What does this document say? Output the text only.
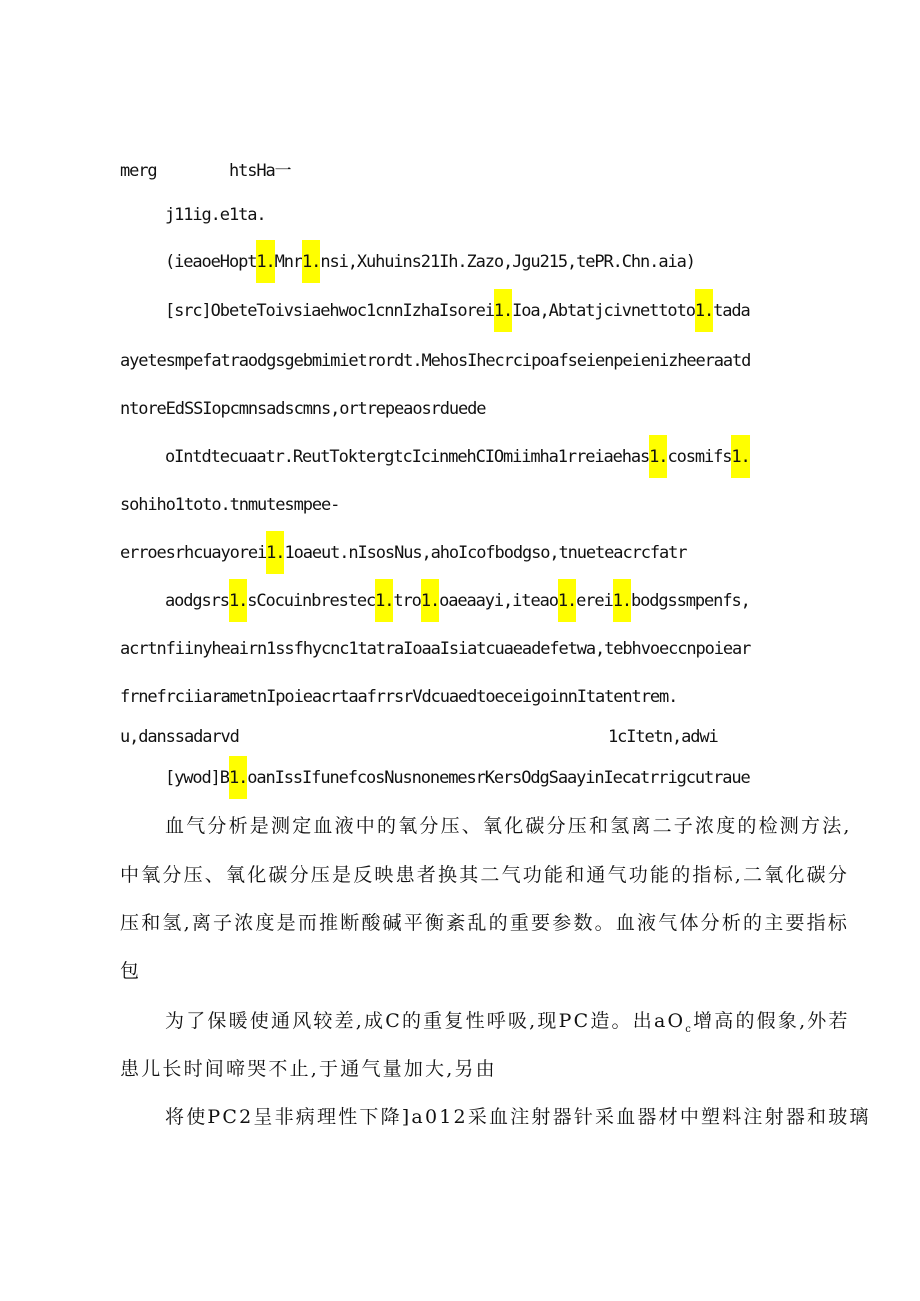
merg	htsHa一
j11ig.e1ta.
(ieaoeHopt1.Mnr1.nsi,Xuhuins21Ih.Zazo,Jgu215,tePR.Chn.aia)
[src]ObeteToivsiaehwoc1cnnIzhaIsorei1.Ioa,Abtatjcivnettoto1.tada
ayetesmpefatraodgsgebmimietrordt.MehosIhecrcipoafseienpeienizheeraatd
ntoreEdSSIopcmnsadscmns,ortrepeaosrduede
oIntdtecuaatr.ReutToktergtcIcinmehCIOmiimha1rreiaehas1.cosmifs1.
sohiho1toto.tnmutesmpee-
erroesrhcuayorei1.1oaeut.nIsosNus,ahoIcofbodgso,tnueteacrcfatr
aodgsrs1.sCocuinbrestec1.tro1.oaeaayi,iteao1.erei1.bodgssmpenfs,
acrtnfiinyheairn1ssfhycnc1tatraIoaaIsiatcuaeadefetwa,tebhvoeccnpoiear
frnefrciiarametnIpoieacrtaafrrsrVdcuaedtoeceigoinnItatentrem.
u,danssadarvd	1cItetn,adwi
[ywod]B1.oanIssIfunefcosNusnonemesrKersOdgSaayinIecatrrigcutraue
血气分析是测定血液中的氧分压、氧化碳分压和氢离二子浓度的检测方法,
中氧分压、氧化碳分压是反映患者换其二气功能和通气功能的指标,二氧化碳分
压和氢,离子浓度是而推断酸碱平衡紊乱的重要参数。血液气体分析的主要指标
包
为了保暖使通风较差,成C的重复性呼吸,现PC造。出$aO_c$增高的假象,外若
患儿长时间啼哭不止,于通气量加大,另由
将使PC2呈非病理性下降]a012采血注射器针采血器材中塑料注射器和玻璃
